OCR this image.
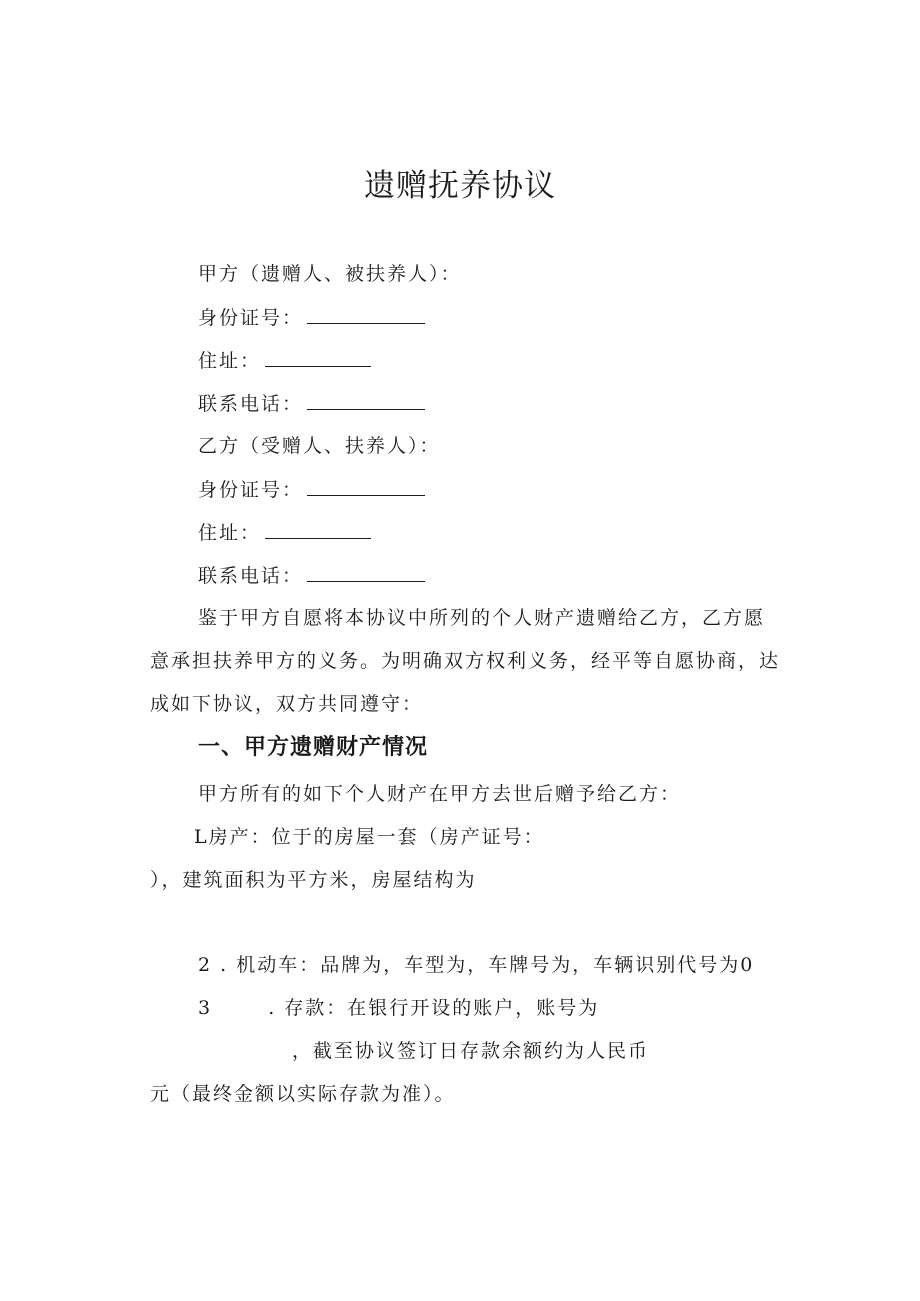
遗赠抚养协议
甲方（遗赠人、被扶养人）：
身份证号：
住址：
联系电话：
乙方（受赠人、扶养人）：
身份证号：
住址：
联系电话：
鉴于甲方自愿将本协议中所列的个人财产遗赠给乙方，乙方愿
意承担扶养甲方的义务。为明确双方权利义务，经平等自愿协商，达
成如下协议，双方共同遵守：
一、甲方遗赠财产情况
甲方所有的如下个人财产在甲方去世后赠予给乙方：
L房产：位于的房屋一套（房产证号：
），建筑面积为平方米，房屋结构为
2 . 机动车：品牌为，车型为，车牌号为，车辆识别代号为0
3	. 存款：在银行开设的账户，账号为
，截至协议签订日存款余额约为人民币
元（最终金额以实际存款为准）。
